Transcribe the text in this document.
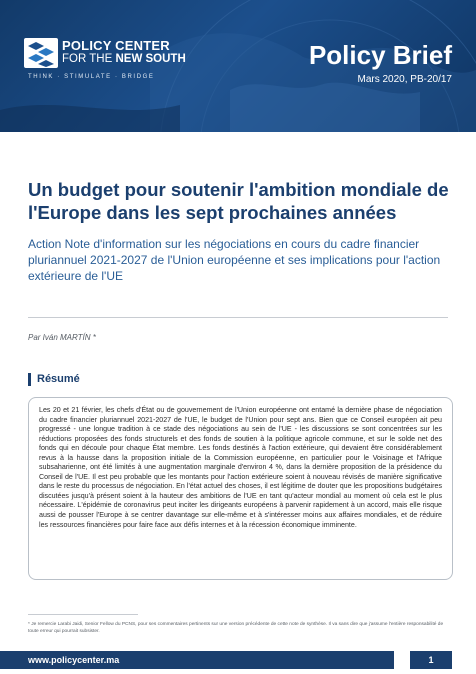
POLICY CENTER
FOR THE NEW SOUTH
THINK · STIMULATE · BRIDGE
Policy Brief
Mars 2020, PB-20/17
Un budget pour soutenir l'ambition mondiale de l'Europe dans les sept prochaines années

Action Note d'information sur les négociations en cours du cadre financier pluriannuel 2021-2027 de l'Union européenne et ses implications pour l'action extérieure de l'UE

Par Iván MARTÍN *
Résumé

Les 20 et 21 février, les chefs d'État ou de gouvernement de l'Union européenne ont entamé la dernière phase de négociation du cadre financier pluriannuel 2021-2027 de l'UE, le budget de l'Union pour sept ans. Bien que ce Conseil européen ait peu progressé - une longue tradition à ce stade des négociations au sein de l'UE - les discussions se sont concentrées sur les réductions proposées des fonds structurels et des fonds de soutien à la politique agricole commune, et sur le solde net des fonds qui en découle pour chaque État membre. Les fonds destinés à l'action extérieure, qui devaient être considérablement revus à la hausse dans la proposition initiale de la Commission européenne, en particulier pour le Voisinage et l'Afrique subsaharienne, ont été limités à une augmentation marginale d'environ 4 %, dans la dernière proposition de la présidence du Conseil de l'UE. Il est peu probable que les montants pour l'action extérieure soient à nouveau révisés de manière significative dans le reste du processus de négociation. En l'état actuel des choses, il est légitime de douter que les propositions budgétaires discutées jusqu'à présent soient à la hauteur des ambitions de l'UE en tant qu'acteur mondial au moment où cela est le plus nécessaire. L'épidémie de coronavirus peut inciter les dirigeants européens à parvenir rapidement à un accord, mais elle risque aussi de pousser l'Europe à se centrer davantage sur elle-même et à s'intéresser moins aux affaires mondiales, et de réduire les ressources financières pour faire face aux défis internes et à la récession économique imminente.

* Je remercie Larabi Jaidi, Senior Fellow du PCNS, pour ses commentaires pertinents sur une version précédente de cette note de synthèse. Il va sans dire que j'assume l'entière responsabilité de toute erreur qui pourrait subsister.

www.policycenter.ma	1
